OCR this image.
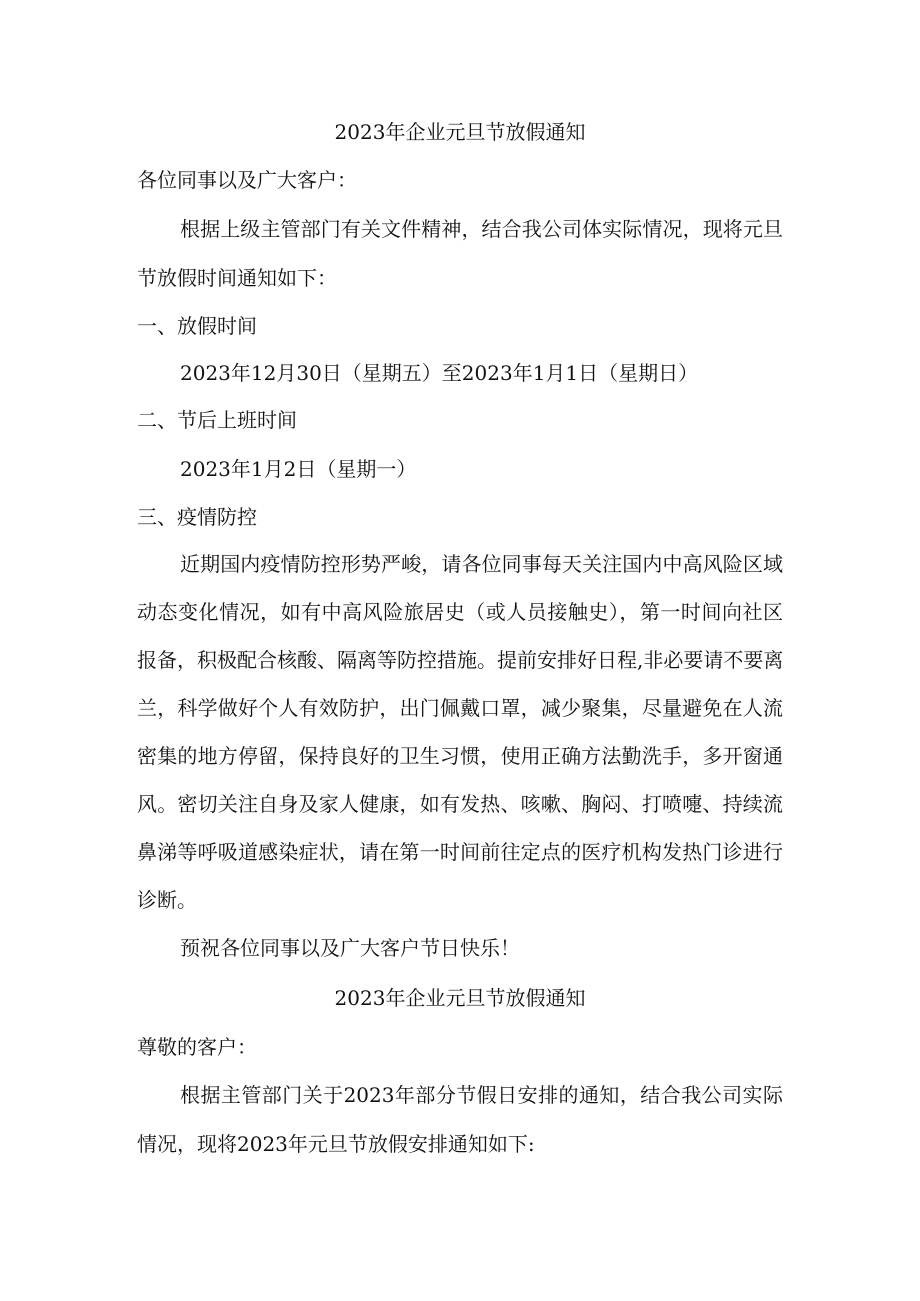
2023年企业元旦节放假通知
各位同事以及广大客户：
根据上级主管部门有关文件精神，结合我公司体实际情况，现将元旦
节放假时间通知如下：
一、放假时间
2023年12月30日（星期五）至2023年1月1日（星期日）
二、节后上班时间
2023年1月2日（星期一）
三、疫情防控
近期国内疫情防控形势严峻，请各位同事每天关注国内中高风险区域
动态变化情况，如有中高风险旅居史（或人员接触史），第一时间向社区
报备，积极配合核酸、隔离等防控措施。提前安排好日程,非必要请不要离
兰，科学做好个人有效防护，出门佩戴口罩，减少聚集，尽量避免在人流
密集的地方停留，保持良好的卫生习惯，使用正确方法勤洗手，多开窗通
风。密切关注自身及家人健康，如有发热、咳嗽、胸闷、打喷嚏、持续流
鼻涕等呼吸道感染症状，请在第一时间前往定点的医疗机构发热门诊进行
诊断。
预祝各位同事以及广大客户节日快乐！
2023年企业元旦节放假通知
尊敬的客户：
根据主管部门关于2023年部分节假日安排的通知，结合我公司实际
情况，现将2023年元旦节放假安排通知如下:
